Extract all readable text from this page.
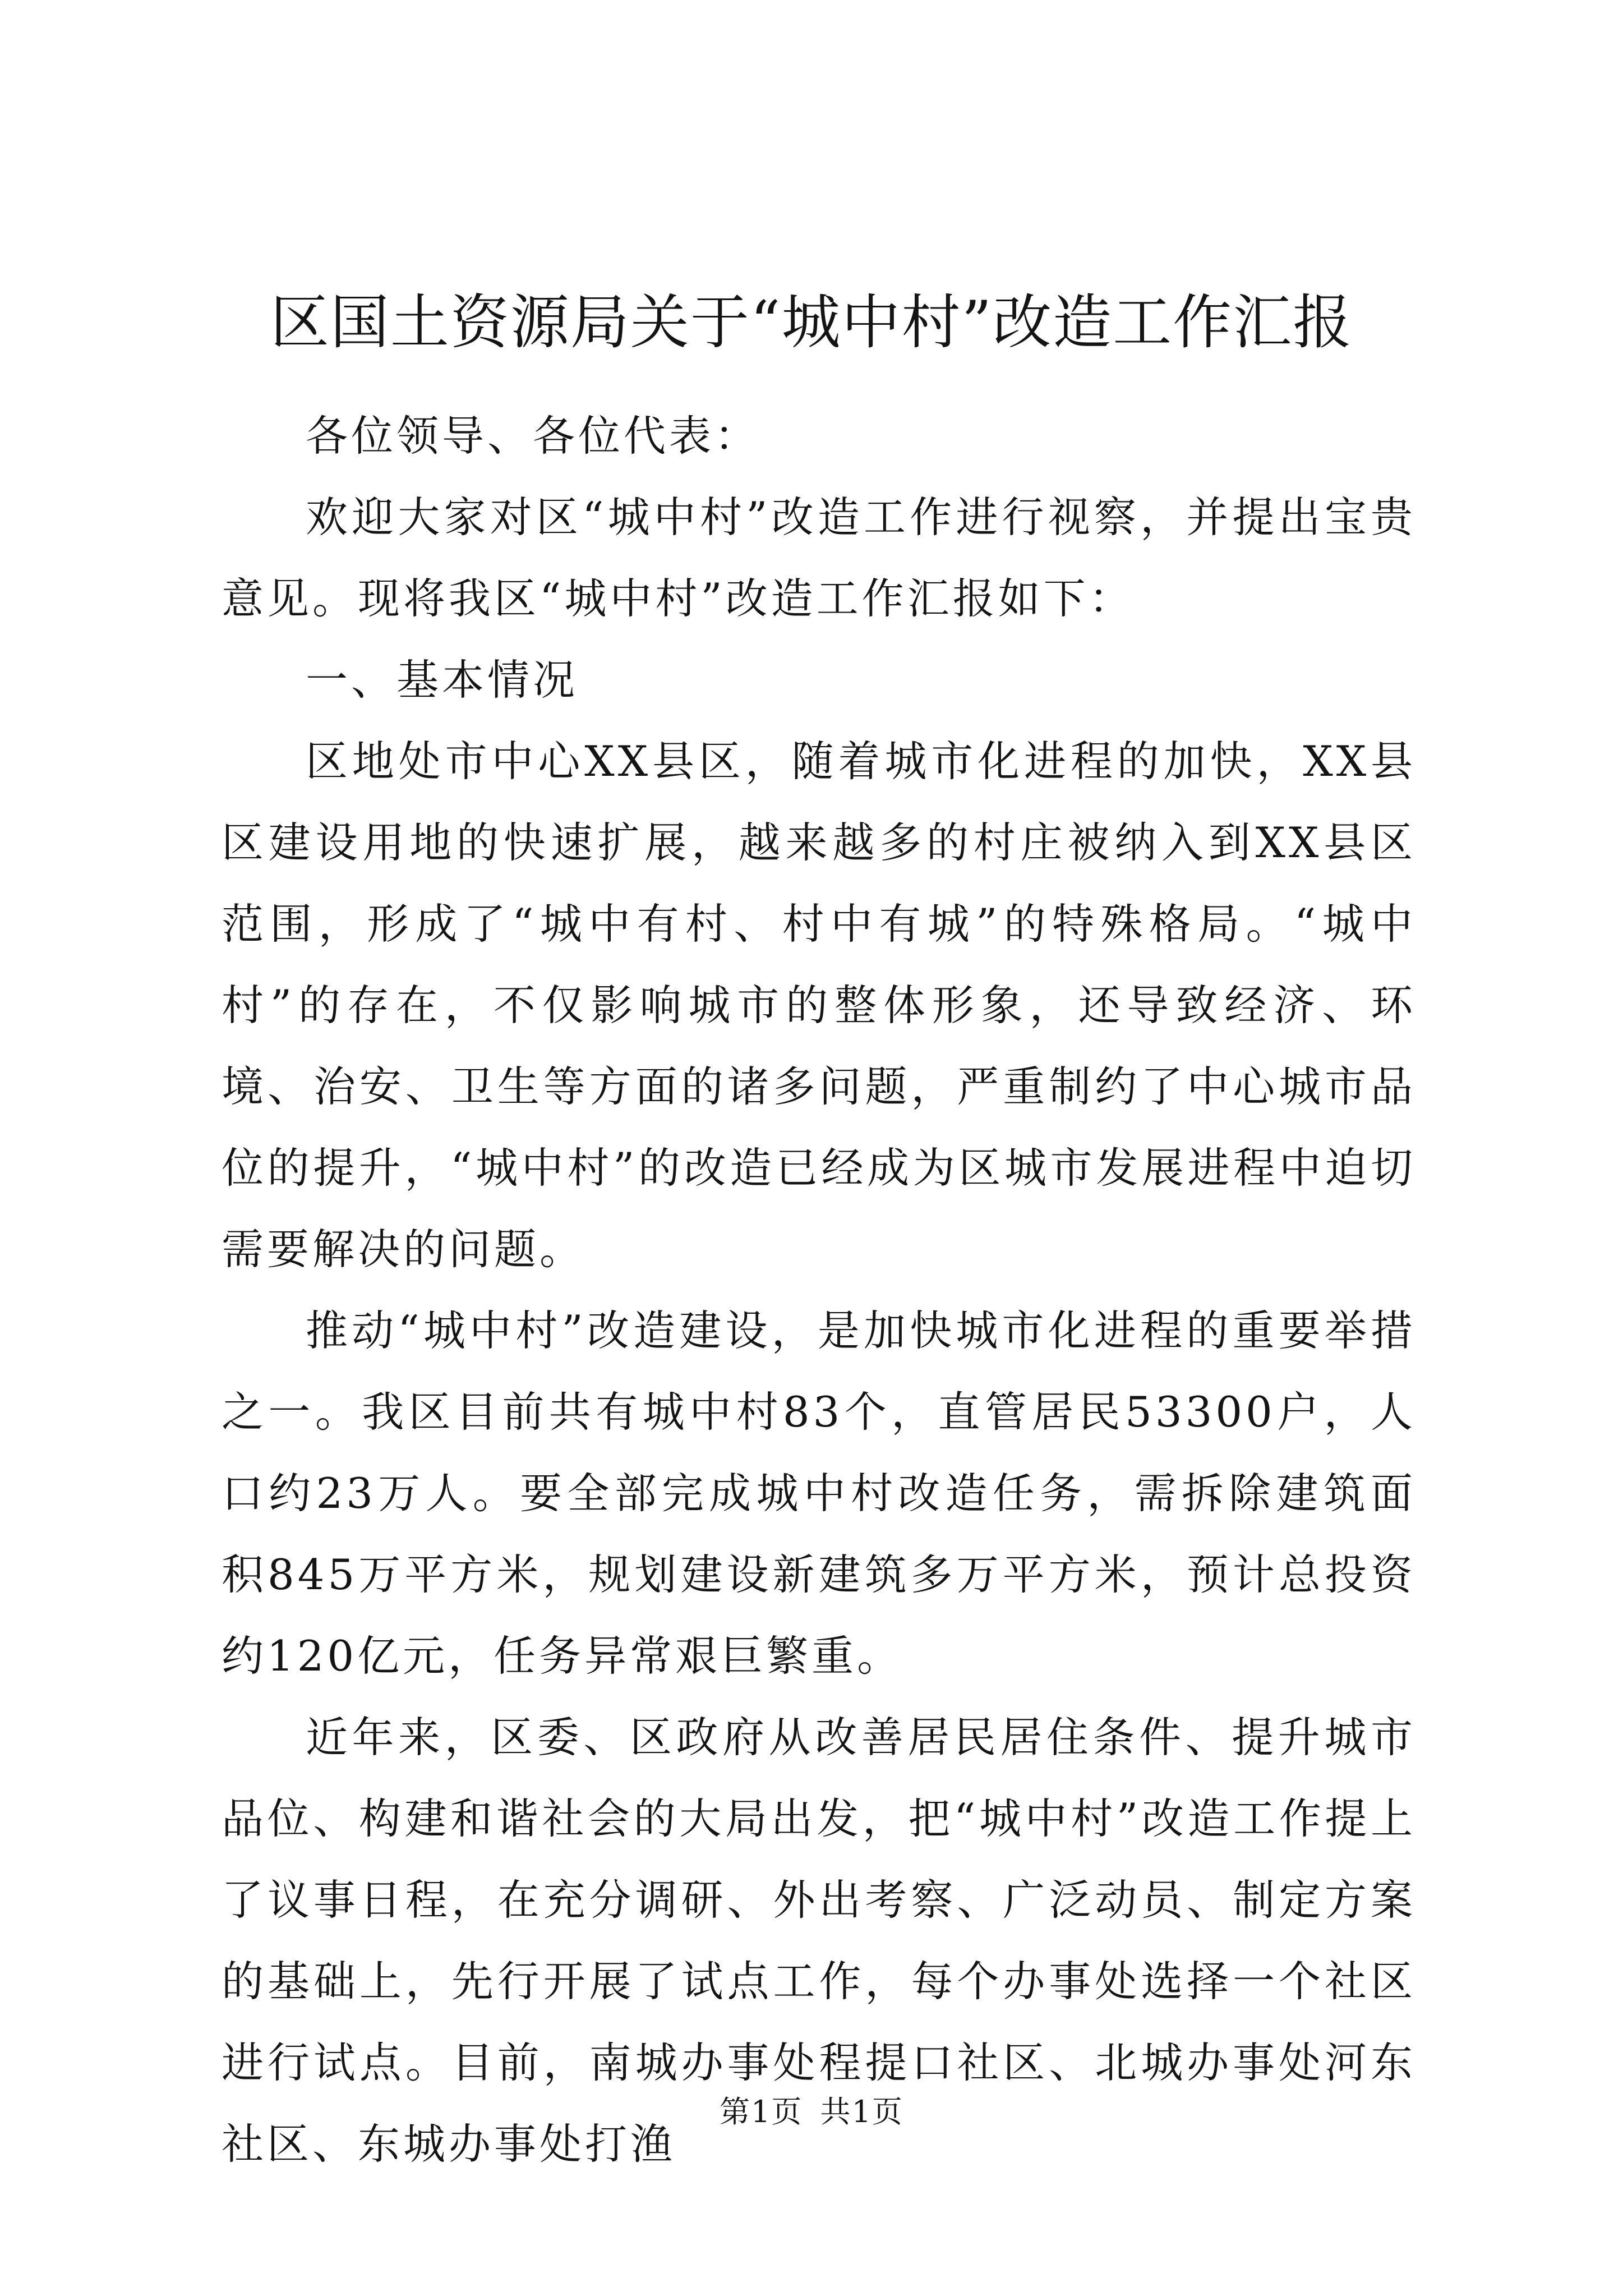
区国土资源局关于“城中村”改造工作汇报

各位领导、各位代表：

欢迎大家对区“城中村”改造工作进行视察，并提出宝贵意见。现将我区“城中村”改造工作汇报如下：

一、基本情况

区地处市中心XX县区，随着城市化进程的加快，XX县区建设用地的快速扩展，越来越多的村庄被纳入到XX县区范围，形成了“城中有村、村中有城”的特殊格局。“城中村”的存在，不仅影响城市的整体形象，还导致经济、环境、治安、卫生等方面的诸多问题，严重制约了中心城市品位的提升，“城中村”的改造已经成为区城市发展进程中迫切需要解决的问题。

推动“城中村”改造建设，是加快城市化进程的重要举措之一。我区目前共有城中村83个，直管居民53300户，人口约23万人。要全部完成城中村改造任务，需拆除建筑面积845万平方米，规划建设新建筑多万平方米，预计总投资约120亿元，任务异常艰巨繁重。

近年来，区委、区政府从改善居民居住条件、提升城市品位、构建和谐社会的大局出发，把“城中村”改造工作提上了议事日程，在充分调研、外出考察、广泛动员、制定方案的基础上，先行开展了试点工作，每个办事处选择一个社区进行试点。目前，南城办事处程提口社区、北城办事处河东社区、东城办事处打渔

第1页 共1页
